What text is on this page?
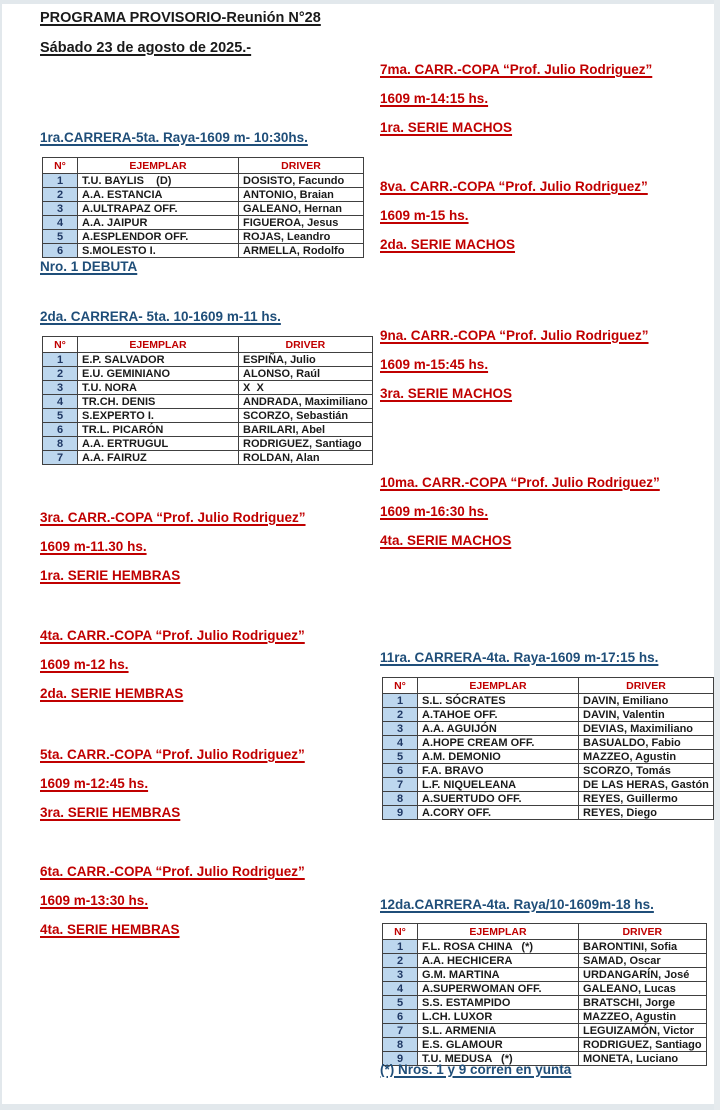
PROGRAMA PROVISORIO-Reunión N°28
Sábado 23 de agosto de 2025.-
1ra.CARRERA-5ta. Raya-1609 m- 10:30hs.
N°	EJEMPLAR	DRIVER
1	T.U. BAYLIS    (D)	DOSISTO, Facundo
2	A.A. ESTANCIA	ANTONIO, Braian
3	A.ULTRAPAZ OFF.	GALEANO, Hernan
4	A.A. JAIPUR	FIGUEROA, Jesus
5	A.ESPLENDOR OFF.	ROJAS, Leandro
6	S.MOLESTO I.	ARMELLA, Rodolfo
Nro. 1 DEBUTA
2da. CARRERA- 5ta. 10-1609 m-11 hs.
N°	EJEMPLAR	DRIVER
1	E.P. SALVADOR	ESPIÑA, Julio
2	E.U. GEMINIANO	ALONSO, Raúl
3	T.U. NORA	X  X
4	TR.CH. DENIS	ANDRADA, Maximiliano
5	S.EXPERTO I.	SCORZO, Sebastián
6	TR.L. PICARÓN	BARILARI, Abel
8	A.A. ERTRUGUL	RODRIGUEZ, Santiago
7	A.A. FAIRUZ	ROLDAN, Alan
3ra. CARR.-COPA “Prof. Julio Rodriguez”
1609 m-11.30 hs.
1ra. SERIE HEMBRAS
4ta. CARR.-COPA “Prof. Julio Rodriguez”
1609 m-12 hs.
2da. SERIE HEMBRAS
5ta. CARR.-COPA “Prof. Julio Rodriguez”
1609 m-12:45 hs.
3ra. SERIE HEMBRAS
6ta. CARR.-COPA “Prof. Julio Rodriguez”
1609 m-13:30 hs.
4ta. SERIE HEMBRAS
7ma. CARR.-COPA “Prof. Julio Rodriguez”
1609 m-14:15 hs.
1ra. SERIE MACHOS
8va. CARR.-COPA “Prof. Julio Rodriguez”
1609 m-15 hs.
2da. SERIE MACHOS
9na. CARR.-COPA “Prof. Julio Rodriguez”
1609 m-15:45 hs.
3ra. SERIE MACHOS
10ma. CARR.-COPA “Prof. Julio Rodriguez”
1609 m-16:30 hs.
4ta. SERIE MACHOS
11ra. CARRERA-4ta. Raya-1609 m-17:15 hs.
N°	EJEMPLAR	DRIVER
1	S.L. SÓCRATES	DAVIN, Emiliano
2	A.TAHOE OFF.	DAVIN, Valentin
3	A.A. AGUIJÓN	DEVIAS, Maximiliano
4	A.HOPE CREAM OFF.	BASUALDO, Fabio
5	A.M. DEMONIO	MAZZEO, Agustin
6	F.A. BRAVO	SCORZO, Tomás
7	L.F. NIQUELEANA	DE LAS HERAS, Gastón
8	A.SUERTUDO OFF.	REYES, Guillermo
9	A.CORY OFF.	REYES, Diego
12da.CARRERA-4ta. Raya/10-1609m-18 hs.
N°	EJEMPLAR	DRIVER
1	F.L. ROSA CHINA   (*)	BARONTINI, Sofia
2	A.A. HECHICERA	SAMAD, Oscar
3	G.M. MARTINA	URDANGARÍN, José
4	A.SUPERWOMAN OFF.	GALEANO, Lucas
5	S.S. ESTAMPIDO	BRATSCHI, Jorge
6	L.CH. LUXOR	MAZZEO, Agustin
7	S.L. ARMENIA	LEGUIZAMÓN, Victor
8	E.S. GLAMOUR	RODRIGUEZ, Santiago
9	T.U. MEDUSA   (*)	MONETA, Luciano
(*) Nros. 1 y 9 corren en yunta
